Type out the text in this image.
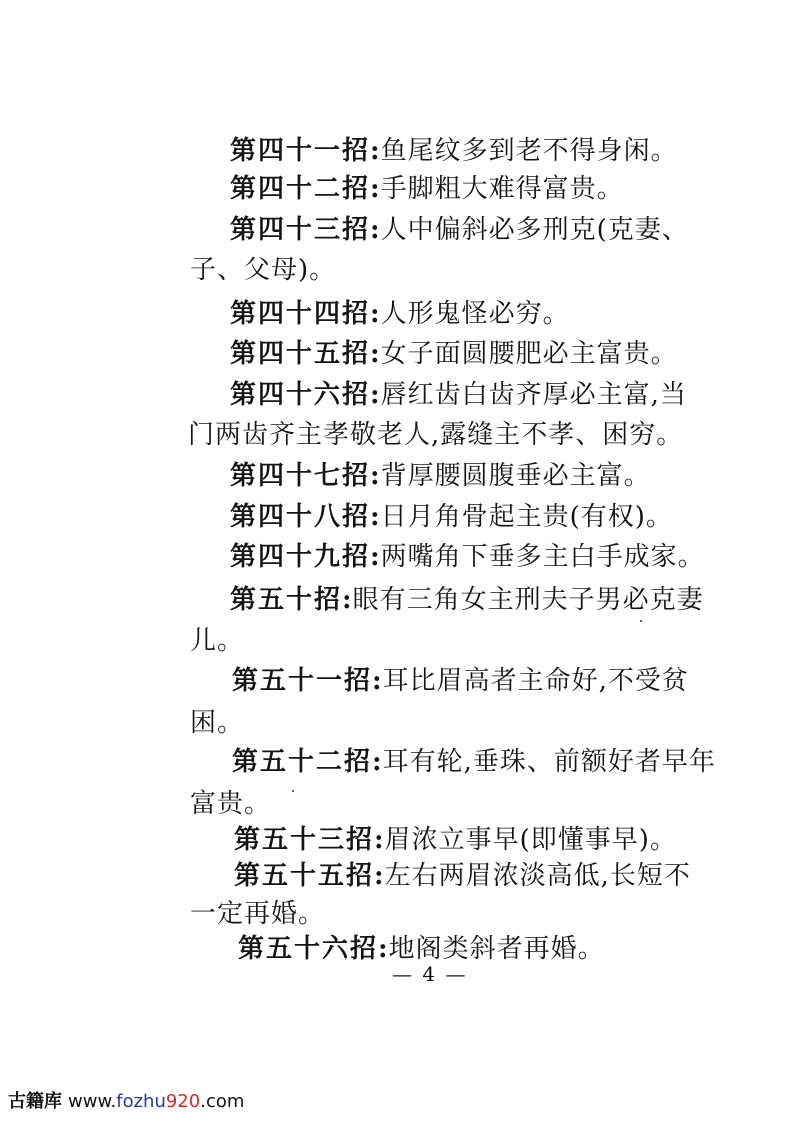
第四十一招:鱼尾纹多到老不得身闲。
第四十二招:手脚粗大难得富贵。
第四十三招:人中偏斜必多刑克(克妻、
子、父母)。
第四十四招:人形鬼怪必穷。
第四十五招:女子面圆腰肥必主富贵。
第四十六招:唇红齿白齿齐厚必主富,当
门两齿齐主孝敬老人,露缝主不孝、困穷。
第四十七招:背厚腰圆腹垂必主富。
第四十八招:日月角骨起主贵(有权)。
第四十九招:两嘴角下垂多主白手成家。
第五十招:眼有三角女主刑夫子男必克妻
儿。
第五十一招:耳比眉高者主命好,不受贫
困。
第五十二招:耳有轮,垂珠、前额好者早年
富贵。
第五十三招:眉浓立事早(即懂事早)。
第五十五招:左右两眉浓淡高低,长短不
一定再婚。
第五十六招:地阁类斜者再婚。
— 4 —
古籍库 www.fozhu920.com
